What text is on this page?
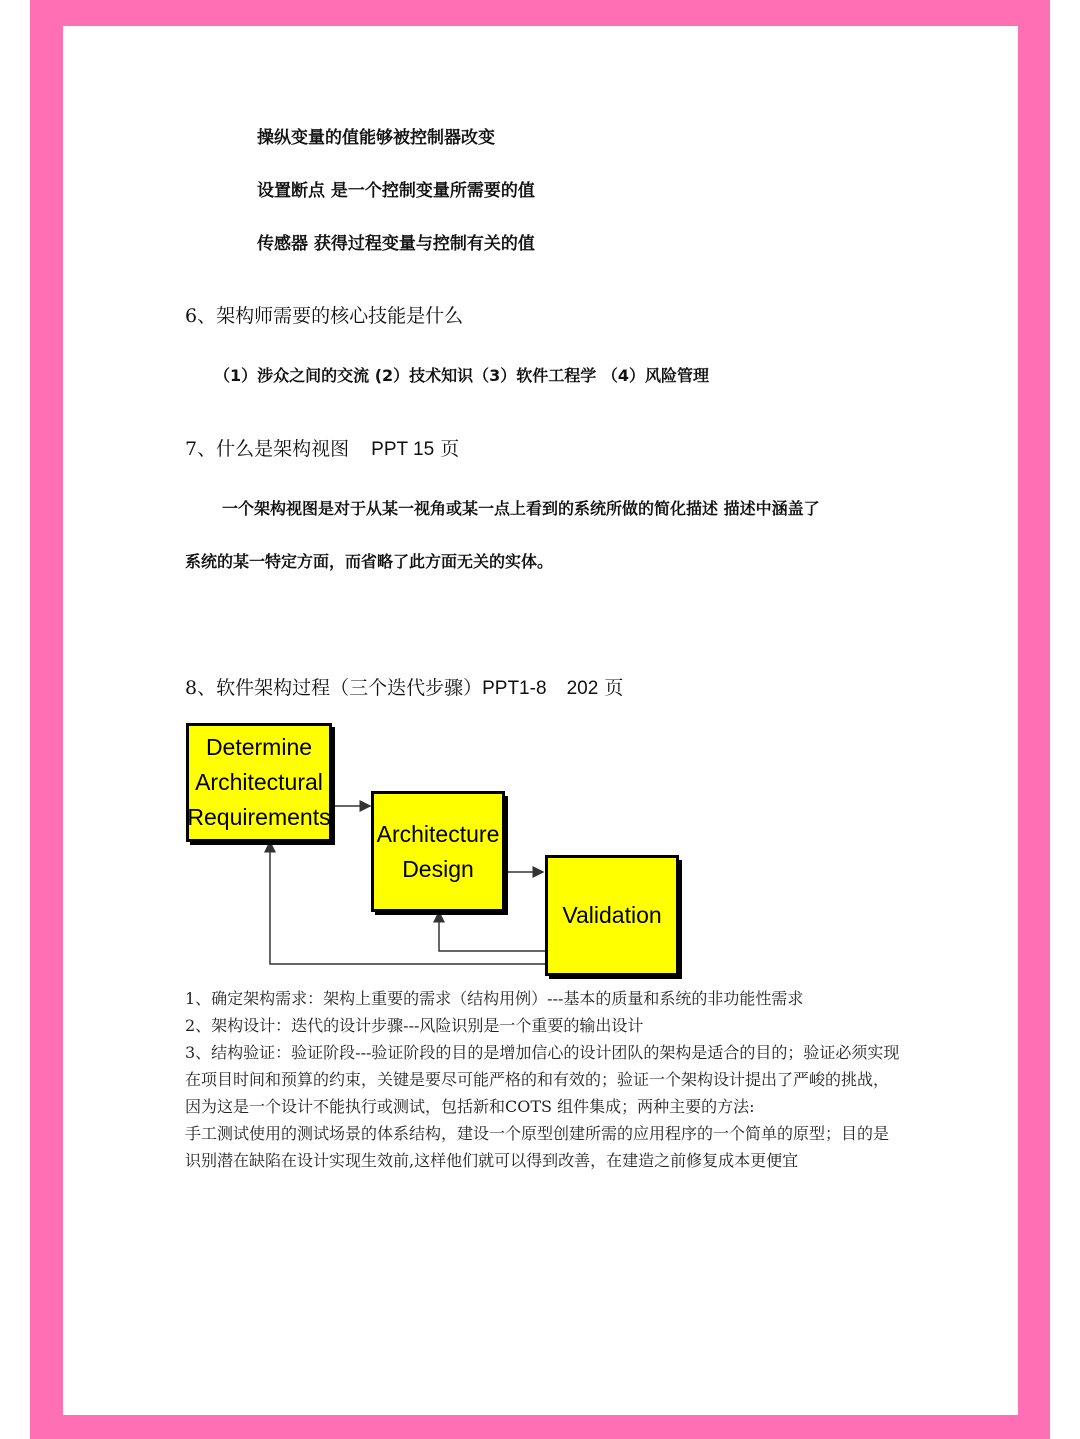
操纵变量的值能够被控制器改变
设置断点 是一个控制变量所需要的值
传感器 获得过程变量与控制有关的值
6、架构师需要的核心技能是什么
（1）涉众之间的交流 (2）技术知识（3）软件工程学 （4）风险管理
7、什么是架构视图 PPT 15 页
一个架构视图是对于从某一视角或某一点上看到的系统所做的简化描述 描述中涵盖了
系统的某一特定方面，而省略了此方面无关的实体。
8、软件架构过程（三个迭代步骤）PPT1-8 202 页
Determine
Architectural
Requirements
Architecture
Design
Validation

1、确定架构需求：架构上重要的需求（结构用例）---基本的质量和系统的非功能性需求

2、架构设计：迭代的设计步骤---风险识别是一个重要的输出设计

3、结构验证：验证阶段---验证阶段的目的是增加信心的设计团队的架构是适合的目的；验证必须实现在项目时间和预算的约束，关键是要尽可能严格的和有效的；验证一个架构设计提出了严峻的挑战，因为这是一个设计不能执行或测试，包括新和COTS 组件集成；两种主要的方法:

手工测试使用的测试场景的体系结构，建设一个原型创建所需的应用程序的一个简单的原型；目的是识别潜在缺陷在设计实现生效前,这样他们就可以得到改善，在建造之前修复成本更便宜
